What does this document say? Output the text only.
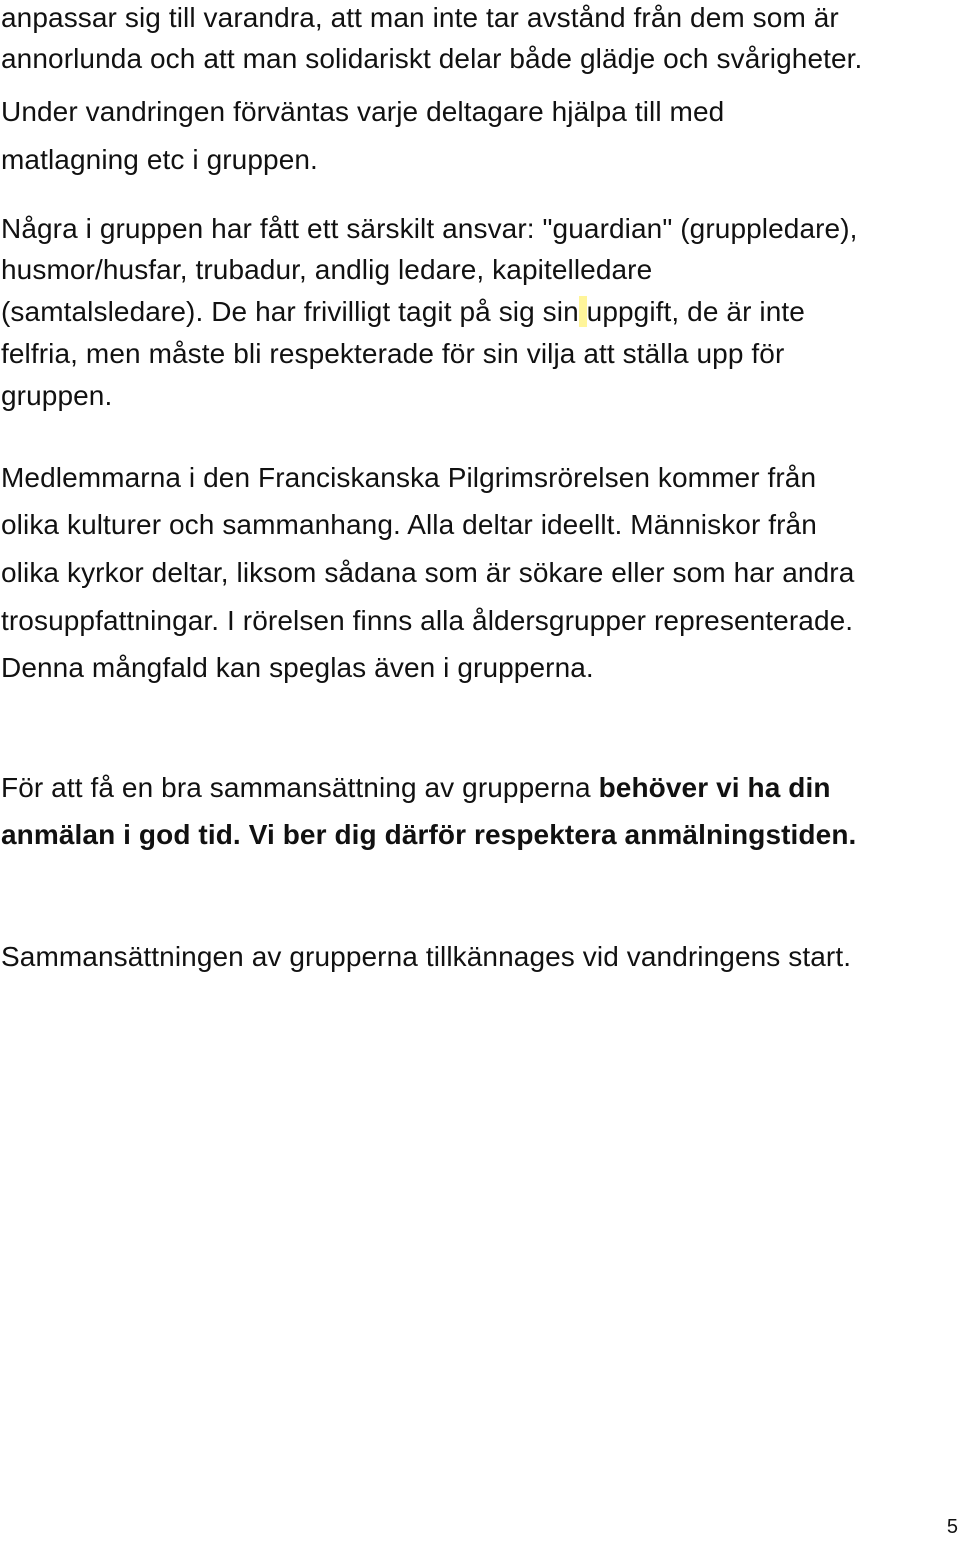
anpassar sig till varandra, att man inte tar avstånd från dem som är
annorlunda och att man solidariskt delar både glädje och svårigheter.
Under vandringen förväntas varje deltagare hjälpa till med
matlagning etc i gruppen.
Några i gruppen har fått ett särskilt ansvar: "guardian" (gruppledare),
husmor/husfar, trubadur, andlig ledare, kapitelledare
(samtalsledare). De har frivilligt tagit på sig sin uppgift, de är inte
felfria, men måste bli respekterade för sin vilja att ställa upp för
gruppen.
Medlemmarna i den Franciskanska Pilgrimsrörelsen kommer från
olika kulturer och sammanhang. Alla deltar ideellt. Människor från
olika kyrkor deltar, liksom sådana som är sökare eller som har andra
trosuppfattningar. I rörelsen finns alla åldersgrupper representerade.
Denna mångfald kan speglas även i grupperna.
För att få en bra sammansättning av grupperna behöver vi ha din
anmälan i god tid. Vi ber dig därför respektera anmälningstiden.
Sammansättningen av grupperna tillkännages vid vandringens start.
5
